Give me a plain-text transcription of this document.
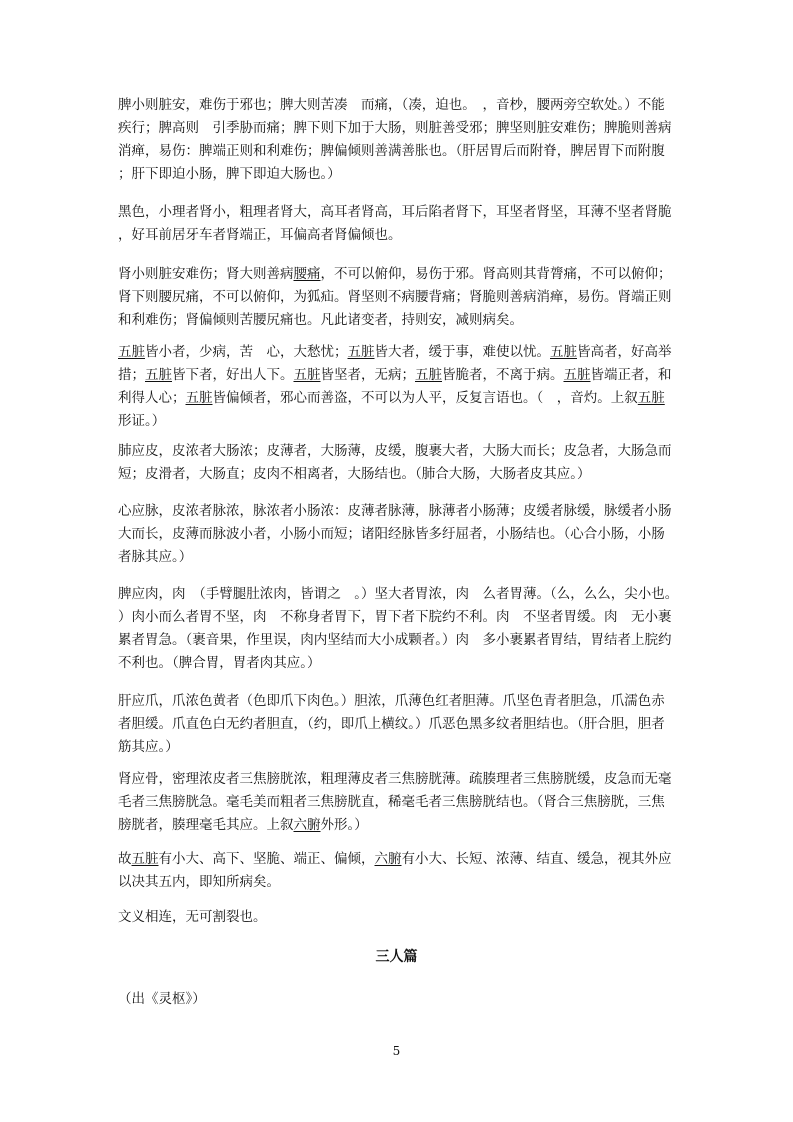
脾小则脏安，难伤于邪也；脾大则苦凑　而痛，（凑，迫也。　，音杪，腰两旁空软处。）不能疾行；脾高则　引季胁而痛；脾下则下加于大肠，则脏善受邪；脾坚则脏安难伤；脾脆则善病消瘅，易伤：脾端正则和利难伤；脾偏倾则善满善胀也。（肝居胃后而附脊，脾居胃下而附腹；肝下即迫小肠，脾下即迫大肠也。）

黑色，小理者肾小，粗理者肾大，高耳者肾高，耳后陷者肾下，耳坚者肾坚，耳薄不坚者肾脆，好耳前居牙车者肾端正，耳偏高者肾偏倾也。

肾小则脏安难伤；肾大则善病腰痛，不可以俯仰，易伤于邪。肾高则其背膂痛，不可以俯仰；肾下则腰尻痛，不可以俯仰，为狐疝。肾坚则不病腰背痛；肾脆则善病消瘅，易伤。肾端正则和利难伤；肾偏倾则苦腰尻痛也。凡此诸变者，持则安，减则病矣。

五脏皆小者，少病，苦　心，大愁忧；五脏皆大者，缓于事，难使以忧。五脏皆高者，好高举措；五脏皆下者，好出人下。五脏皆坚者，无病；五脏皆脆者，不离于病。五脏皆端正者，和利得人心；五脏皆偏倾者，邪心而善盗，不可以为人平，反复言语也。（　，音灼。上叙五脏形证。）

肺应皮，皮浓者大肠浓；皮薄者，大肠薄，皮缓，腹裹大者，大肠大而长；皮急者，大肠急而短；皮滑者，大肠直；皮肉不相离者，大肠结也。（肺合大肠，大肠者皮其应。）

心应脉，皮浓者脉浓，脉浓者小肠浓：皮薄者脉薄，脉薄者小肠薄；皮缓者脉缓，脉缓者小肠大而长，皮薄而脉波小者，小肠小而短；诸阳经脉皆多纡屈者，小肠结也。（心合小肠，小肠者脉其应。）

脾应肉，肉　（手臂腿肚浓肉，皆谓之　。）坚大者胃浓，肉　么者胃薄。（么，么么，尖小也。）肉小而么者胃不坚，肉　不称身者胃下，胃下者下脘约不利。肉　不坚者胃缓。肉　无小裹累者胃急。（裹音果，作里误，肉内坚结而大小成颗者。）肉　多小裹累者胃结，胃结者上脘约不利也。（脾合胃，胃者肉其应。）

肝应爪，爪浓色黄者（色即爪下肉色。）胆浓，爪薄色红者胆薄。爪坚色青者胆急，爪濡色赤者胆缓。爪直色白无约者胆直，（约，即爪上横纹。）爪恶色黑多纹者胆结也。（肝合胆，胆者筋其应。）

肾应骨，密理浓皮者三焦膀胱浓，粗理薄皮者三焦膀胱薄。疏腠理者三焦膀胱缓，皮急而无毫毛者三焦膀胱急。毫毛美而粗者三焦膀胱直，稀毫毛者三焦膀胱结也。（肾合三焦膀胱，三焦膀胱者，腠理毫毛其应。上叙六腑外形。）

故五脏有小大、高下、坚脆、端正、偏倾，六腑有小大、长短、浓薄、结直、缓急，视其外应以决其五内，即知所病矣。

文义相连，无可割裂也。

三人篇

（出《灵枢》）

5
